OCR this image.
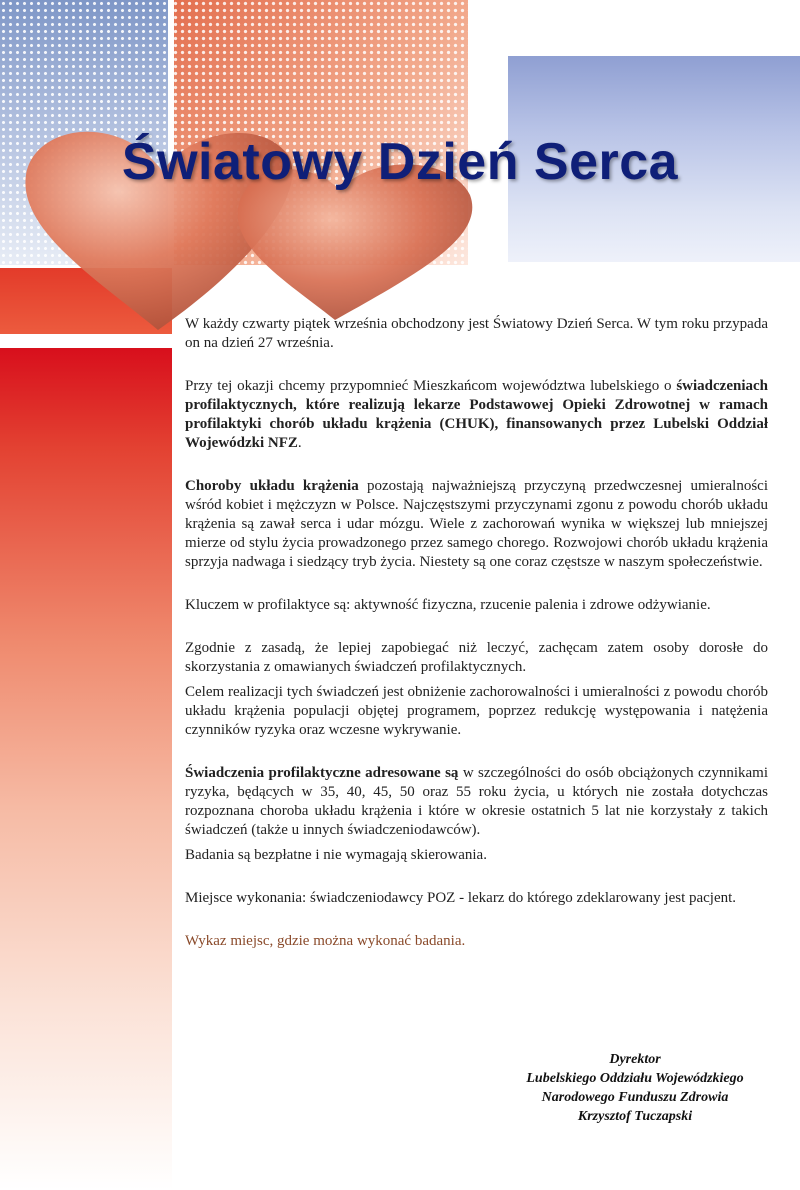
Światowy Dzień Serca

W każdy czwarty piątek września obchodzony jest Światowy Dzień Serca. W tym roku przypada on na dzień 27 września.

Przy tej okazji chcemy przypomnieć Mieszkańcom województwa lubelskiego o świadczeniach profilaktycznych, które realizują lekarze Podstawowej Opieki Zdrowotnej w ramach profilaktyki chorób układu krążenia (CHUK), finansowanych przez Lubelski Oddział Wojewódzki NFZ.

Choroby układu krążenia pozostają najważniejszą przyczyną przedwczesnej umieralności wśród kobiet i mężczyzn w Polsce. Najczęstszymi przyczynami zgonu z powodu chorób układu krążenia są zawał serca i udar mózgu. Wiele z zachorowań wynika w większej lub mniejszej mierze od stylu życia prowadzonego przez samego chorego. Rozwojowi chorób układu krążenia sprzyja nadwaga i siedzący tryb życia. Niestety są one coraz częstsze w naszym społeczeństwie.

Kluczem w profilaktyce są: aktywność fizyczna, rzucenie palenia i zdrowe odżywianie.

Zgodnie z zasadą, że lepiej zapobiegać niż leczyć, zachęcam zatem osoby dorosłe do skorzystania z omawianych świadczeń profilaktycznych.

Celem realizacji tych świadczeń jest obniżenie zachorowalności i umieralności z powodu chorób układu krążenia populacji objętej programem, poprzez redukcję występowania i natężenia czynników ryzyka oraz wczesne wykrywanie.

Świadczenia profilaktyczne adresowane są w szczególności do osób obciążonych czynnikami ryzyka, będących w 35, 40, 45, 50 oraz 55 roku życia, u których nie została dotychczas rozpoznana choroba układu krążenia i które w okresie ostatnich 5 lat nie korzystały z takich świadczeń (także u innych świadczeniodawców).

Badania są bezpłatne i nie wymagają skierowania.

Miejsce wykonania: świadczeniodawcy POZ - lekarz do którego zdeklarowany jest pacjent.

Wykaz miejsc, gdzie można wykonać badania.

Dyrektor
Lubelskiego Oddziału Wojewódzkiego
Narodowego Funduszu Zdrowia
Krzysztof Tuczapski
